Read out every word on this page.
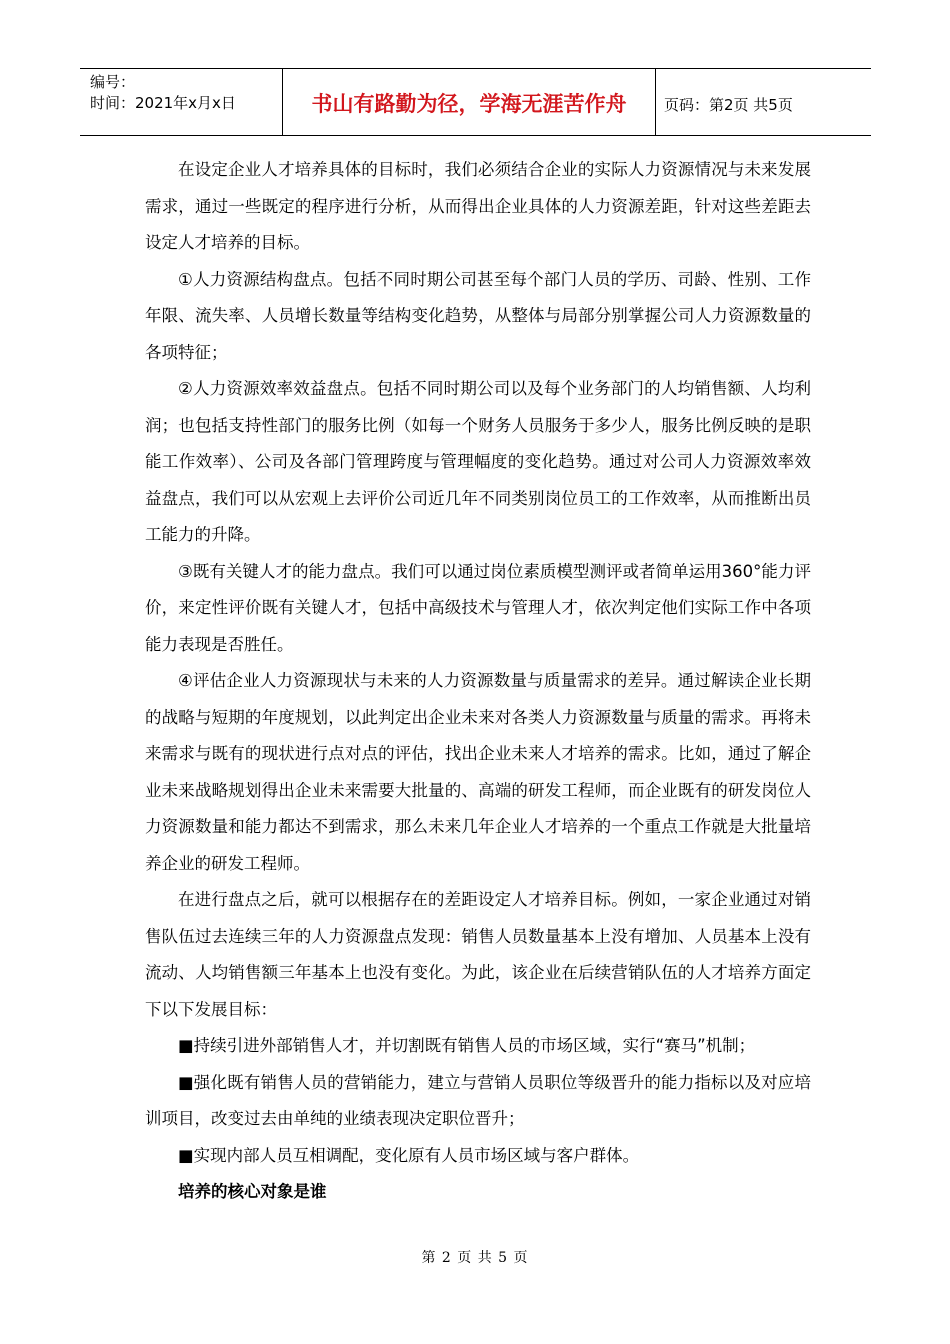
编号：
时间：2021年x月x日	书山有路勤为径，学海无涯苦作舟	页码：第2页 共5页

在设定企业人才培养具体的目标时，我们必须结合企业的实际人力资源情况与未来发展需求，通过一些既定的程序进行分析，从而得出企业具体的人力资源差距，针对这些差距去设定人才培养的目标。

①人力资源结构盘点。包括不同时期公司甚至每个部门人员的学历、司龄、性别、工作年限、流失率、人员增长数量等结构变化趋势，从整体与局部分别掌握公司人力资源数量的各项特征；

②人力资源效率效益盘点。包括不同时期公司以及每个业务部门的人均销售额、人均利润；也包括支持性部门的服务比例（如每一个财务人员服务于多少人，服务比例反映的是职能工作效率）、公司及各部门管理跨度与管理幅度的变化趋势。通过对公司人力资源效率效益盘点，我们可以从宏观上去评价公司近几年不同类别岗位员工的工作效率，从而推断出员工能力的升降。

③既有关键人才的能力盘点。我们可以通过岗位素质模型测评或者简单运用360°能力评价，来定性评价既有关键人才，包括中高级技术与管理人才，依次判定他们实际工作中各项能力表现是否胜任。

④评估企业人力资源现状与未来的人力资源数量与质量需求的差异。通过解读企业长期的战略与短期的年度规划，以此判定出企业未来对各类人力资源数量与质量的需求。再将未来需求与既有的现状进行点对点的评估，找出企业未来人才培养的需求。比如，通过了解企业未来战略规划得出企业未来需要大批量的、高端的研发工程师，而企业既有的研发岗位人力资源数量和能力都达不到需求，那么未来几年企业人才培养的一个重点工作就是大批量培养企业的研发工程师。

在进行盘点之后，就可以根据存在的差距设定人才培养目标。例如，一家企业通过对销售队伍过去连续三年的人力资源盘点发现：销售人员数量基本上没有增加、人员基本上没有流动、人均销售额三年基本上也没有变化。为此，该企业在后续营销队伍的人才培养方面定下以下发展目标：

■持续引进外部销售人才，并切割既有销售人员的市场区域，实行“赛马”机制；

■强化既有销售人员的营销能力，建立与营销人员职位等级晋升的能力指标以及对应培训项目，改变过去由单纯的业绩表现决定职位晋升；

■实现内部人员互相调配，变化原有人员市场区域与客户群体。

培养的核心对象是谁

第 2 页 共 5 页
